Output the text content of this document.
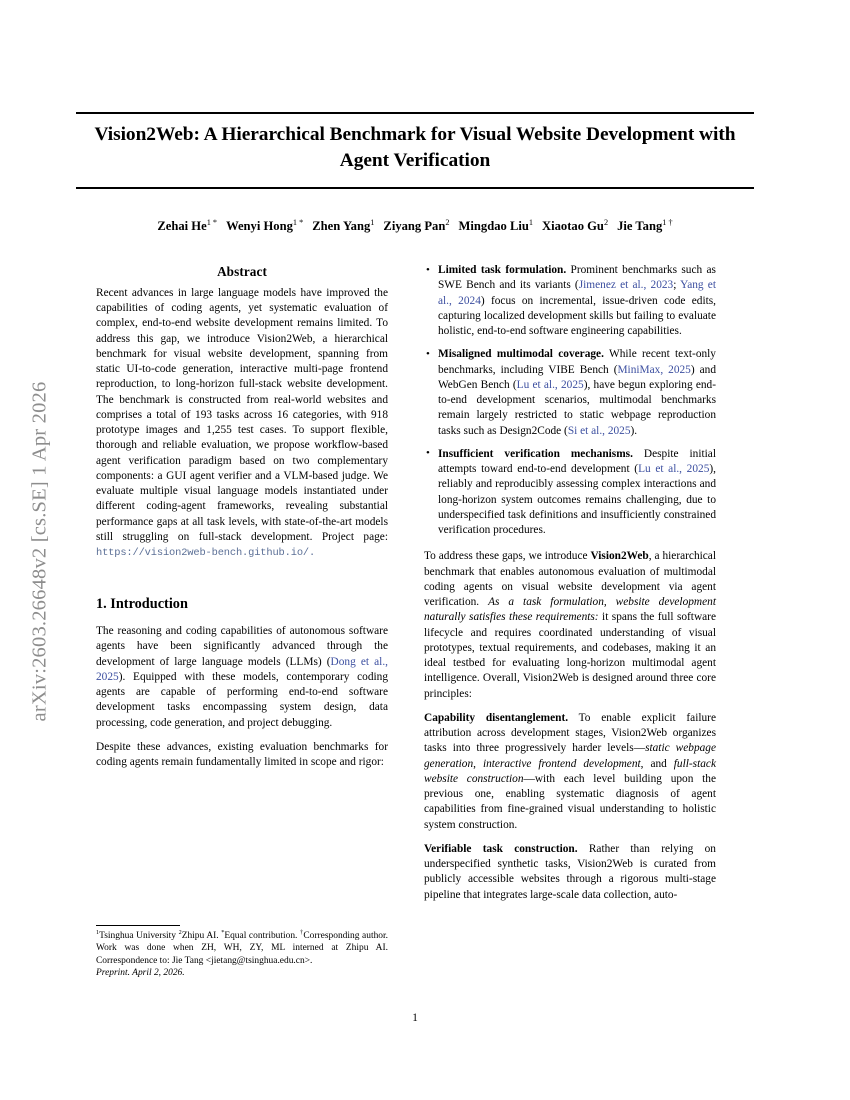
arXiv:2603.26648v2 [cs.SE] 1 Apr 2026
Vision2Web: A Hierarchical Benchmark for Visual Website Development with Agent Verification
Zehai $He^{1 *}$ Wenyi Hong$^{1 *}$ Zhen Yang$^1$ Ziyang Pan$^2$ Mingdao Liu$^1$ Xiaotao Gu$^2$ Jie Tang$^{1 \dagger}$
Abstract

Recent advances in large language models have improved the capabilities of coding agents, yet systematic evaluation of complex, end-to-end website development remains limited. To address this gap, we introduce Vision2Web, a hierarchical benchmark for visual website development, spanning from static UI-to-code generation, interactive multi-page frontend reproduction, to long-horizon full-stack website development. The benchmark is constructed from real-world websites and comprises a total of 193 tasks across 16 categories, with 918 prototype images and 1,255 test cases. To support flexible, thorough and reliable evaluation, we propose workflow-based agent verification paradigm based on two complementary components: a GUI agent verifier and a VLM-based judge. We evaluate multiple visual language models instantiated under different coding-agent frameworks, revealing substantial performance gaps at all task levels, with state-of-the-art models still struggling on full-stack development. Project page: https://vision2web-bench.github.io/.

1. Introduction

The reasoning and coding capabilities of autonomous software agents have been significantly advanced through the development of large language models (LLMs) (Dong et al., 2025). Equipped with these models, contemporary coding agents are capable of performing end-to-end software development tasks encompassing system design, data processing, code generation, and project debugging.

Despite these advances, existing evaluation benchmarks for coding agents remain fundamentally limited in scope and rigor:

• Limited task formulation. Prominent benchmarks such as SWE Bench and its variants (Jimenez et al., 2023; Yang et al., 2024) focus on incremental, issue-driven code edits, capturing localized development skills but failing to evaluate holistic, end-to-end software engineering capabilities.
• Misaligned multimodal coverage. While recent text-only benchmarks, including VIBE Bench (MiniMax, 2025) and WebGen Bench (Lu et al., 2025), have begun exploring end-to-end development scenarios, multimodal benchmarks remain largely restricted to static webpage reproduction tasks such as Design2Code (Si et al., 2025).
• Insufficient verification mechanisms. Despite initial attempts toward end-to-end development (Lu et al., 2025), reliably and reproducibly assessing complex interactions and long-horizon system outcomes remains challenging, due to underspecified task definitions and insufficiently constrained verification procedures.

To address these gaps, we introduce Vision2Web, a hierarchical benchmark that enables autonomous evaluation of multimodal coding agents on visual website development via agent verification. As a task formulation, website development naturally satisfies these requirements: it spans the full software lifecycle and requires coordinated understanding of visual prototypes, textual requirements, and codebases, making it an ideal testbed for evaluating long-horizon multimodal agent intelligence. Overall, Vision2Web is designed around three core principles:

Capability disentanglement. To enable explicit failure attribution across development stages, Vision2Web organizes tasks into three progressively harder levels—static webpage generation, interactive frontend development, and full-stack website construction—with each level building upon the previous one, enabling systematic diagnosis of agent capabilities from fine-grained visual understanding to holistic system construction.

Verifiable task construction. Rather than relying on underspecified synthetic tasks, Vision2Web is curated from publicly accessible websites through a rigorous multi-stage pipeline that integrates large-scale data collection, auto-

$^1$Tsinghua University $^2$Zhipu AI. *Equal contribution. †Corresponding author. Work was done when ZH, WH, ZY, ML interned at Zhipu AI. Correspondence to: Jie Tang <jietang@tsinghua.edu.cn>.
Preprint. April 2, 2026.
1
